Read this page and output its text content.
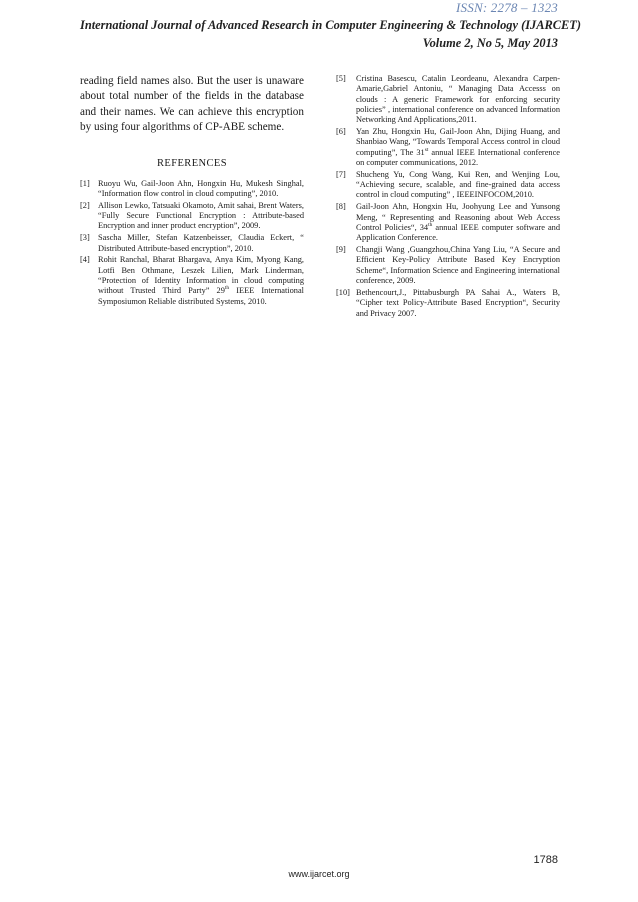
ISSN: 2278 – 1323
International Journal of Advanced Research in Computer Engineering & Technology (IJARCET)
Volume 2, No 5, May 2013

reading field names also. But the user is unaware about total number of the fields in the database and their names. We can achieve this encryption by using four algorithms of CP-ABE scheme.

REFERENCES
[1] Ruoyu Wu, Gail-Joon Ahn, Hongxin Hu, Mukesh Singhal, “Information flow control in cloud computing”, 2010.
[2] Allison Lewko, Tatsuaki Okamoto, Amit sahai, Brent Waters, “Fully Secure Functional Encryption : Attribute-based Encryption and inner product encryption”, 2009.
[3] Sascha Miller, Stefan Katzenbeisser, Claudia Eckert, “ Distributed Attribute-based encryption”, 2010.
[4] Rohit Ranchal, Bharat Bhargava, Anya Kim, Myong Kang, Lotfi Ben Othmane, Leszek Lilien, Mark Linderman, “Protection of Identity Information in cloud computing without Trusted Third Party” 29th IEEE International Symposiumon Reliable distributed Systems, 2010.
[5]	Cristina Basescu, Catalin Leordeanu, Alexandra Carpen-Amarie,Gabriel Antoniu, “ Managing Data Accesss on clouds : A generic Framework for enforcing security policies” , international conference on advanced Information Networking And Applications,2011.
[6]	Yan Zhu, Hongxin Hu, Gail-Joon Ahn, Dijing Huang, and Shanbiao Wang, “Towards Temporal Access control in cloud computing”, The 31st annual IEEE International conference on computer communications, 2012.
[7]	Shucheng Yu, Cong Wang, Kui Ren, and Wenjing Lou, “Achieving secure, scalable, and fine-grained data access control in cloud computing” , IEEEINFOCOM,2010.
[8]	Gail-Joon Ahn, Hongxin Hu, Joohyung Lee and Yunsong Meng, “ Representing and Reasoning about Web Access Control Policies“, 34th annual IEEE computer software and Application Conference.
[9]	Changji Wang ,Guangzhou,China Yang Liu, “A Secure and Efficient Key-Policy Attribute Based Key Encryption Scheme“, Information Science and Engineering international conference, 2009.
[10] Bethencourt,J., Pittabusburgh PA Sahai A., Waters B, “Cipher text Policy-Attribute Based Encryption“, Security and Privacy 2007.
1788
www.ijarcet.org
